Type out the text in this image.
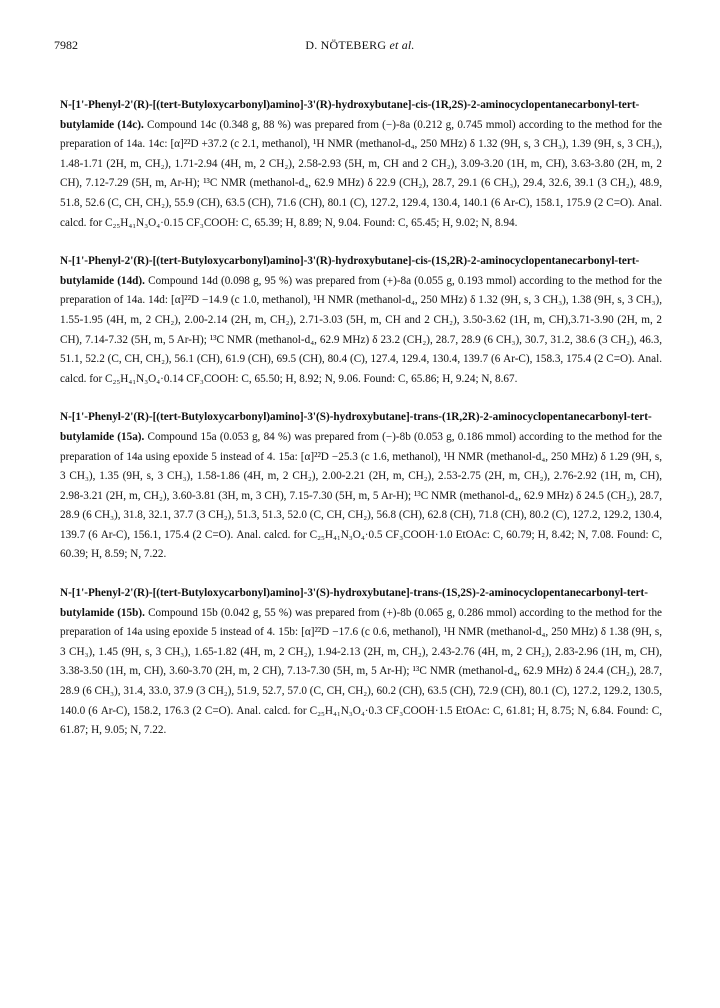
7982	D. NÖTEBERG et al.

N-[1'-Phenyl-2'(R)-[(tert-Butyloxycarbonyl)amino]-3'(R)-hydroxybutane]-cis-(1R,2S)-2-aminocyclopentanecarbonyl-tert-butylamide (14c). Compound 14c (0.348 g, 88 %) was prepared from (−)-8a (0.212 g, 0.745 mmol) according to the method for the preparation of 14a. 14c: [α]²²D +37.2 (c 2.1, methanol), ¹H NMR (methanol-d₄, 250 MHz) δ 1.32 (9H, s, 3 CH₃), 1.39 (9H, s, 3 CH₃), 1.48-1.71 (2H, m, CH₂), 1.71-2.94 (4H, m, 2 CH₂), 2.58-2.93 (5H, m, CH and 2 CH₂), 3.09-3.20 (1H, m, CH), 3.63-3.80 (2H, m, 2 CH), 7.12-7.29 (5H, m, Ar-H); ¹³C NMR (methanol-d₄, 62.9 MHz) δ 22.9 (CH₂), 28.7, 29.1 (6 CH₃), 29.4, 32.6, 39.1 (3 CH₂), 48.9, 51.8, 52.6 (C, CH, CH₂), 55.9 (CH), 63.5 (CH), 71.6 (CH), 80.1 (C), 127.2, 129.4, 130.4, 140.1 (6 Ar-C), 158.1, 175.9 (2 C=O). Anal. calcd. for C₂₅H₄₁N₃O₄·0.15 CF₃COOH: C, 65.39; H, 8.89; N, 9.04. Found: C, 65.45; H, 9.02; N, 8.94.

N-[1'-Phenyl-2'(R)-[(tert-Butyloxycarbonyl)amino]-3'(R)-hydroxybutane]-cis-(1S,2R)-2-aminocyclopentanecarbonyl-tert-butylamide (14d). Compound 14d (0.098 g, 95 %) was prepared from (+)-8a (0.055 g, 0.193 mmol) according to the method for the preparation of 14a. 14d: [α]²²D −14.9 (c 1.0, methanol), ¹H NMR (methanol-d₄, 250 MHz) δ 1.32 (9H, s, 3 CH₃), 1.38 (9H, s, 3 CH₃), 1.55-1.95 (4H, m, 2 CH₂), 2.00-2.14 (2H, m, CH₂), 2.71-3.03 (5H, m, CH and 2 CH₂), 3.50-3.62 (1H, m, CH),3.71-3.90 (2H, m, 2 CH), 7.14-7.32 (5H, m, 5 Ar-H); ¹³C NMR (methanol-d₄, 62.9 MHz) δ 23.2 (CH₂), 28.7, 28.9 (6 CH₃), 30.7, 31.2, 38.6 (3 CH₂), 46.3, 51.1, 52.2 (C, CH, CH₂), 56.1 (CH), 61.9 (CH), 69.5 (CH), 80.4 (C), 127.4, 129.4, 130.4, 139.7 (6 Ar-C), 158.3, 175.4 (2 C=O). Anal. calcd. for C₂₅H₄₁N₃O₄·0.14 CF₃COOH: C, 65.50; H, 8.92; N, 9.06. Found: C, 65.86; H, 9.24; N, 8.67.

N-[1'-Phenyl-2'(R)-[(tert-Butyloxycarbonyl)amino]-3'(S)-hydroxybutane]-trans-(1R,2R)-2-aminocyclopentanecarbonyl-tert-butylamide (15a). Compound 15a (0.053 g, 84 %) was prepared from (−)-8b (0.053 g, 0.186 mmol) according to the method for the preparation of 14a using epoxide 5 instead of 4. 15a: [α]²²D −25.3 (c 1.6, methanol), ¹H NMR (methanol-d₄, 250 MHz) δ 1.29 (9H, s, 3 CH₃), 1.35 (9H, s, 3 CH₃), 1.58-1.86 (4H, m, 2 CH₂), 2.00-2.21 (2H, m, CH₂), 2.53-2.75 (2H, m, CH₂), 2.76-2.92 (1H, m, CH), 2.98-3.21 (2H, m, CH₂), 3.60-3.81 (3H, m, 3 CH), 7.15-7.30 (5H, m, 5 Ar-H); ¹³C NMR (methanol-d₄, 62.9 MHz) δ 24.5 (CH₂), 28.7, 28.9 (6 CH₃), 31.8, 32.1, 37.7 (3 CH₂), 51.3, 51.3, 52.0 (C, CH, CH₂), 56.8 (CH), 62.8 (CH), 71.8 (CH), 80.2 (C), 127.2, 129.2, 130.4, 139.7 (6 Ar-C), 156.1, 175.4 (2 C=O). Anal. calcd. for C₂₅H₄₁N₃O₄·0.5 CF₃COOH·1.0 EtOAc: C, 60.79; H, 8.42; N, 7.08. Found: C, 60.39; H, 8.59; N, 7.22.

N-[1'-Phenyl-2'(R)-[(tert-Butyloxycarbonyl)amino]-3'(S)-hydroxybutane]-trans-(1S,2S)-2-aminocyclopentanecarbonyl-tert-butylamide (15b). Compound 15b (0.042 g, 55 %) was prepared from (+)-8b (0.065 g, 0.286 mmol) according to the method for the preparation of 14a using epoxide 5 instead of 4. 15b: [α]²²D −17.6 (c 0.6, methanol), ¹H NMR (methanol-d₄, 250 MHz) δ 1.38 (9H, s, 3 CH₃), 1.45 (9H, s, 3 CH₃), 1.65-1.82 (4H, m, 2 CH₂), 1.94-2.13 (2H, m, CH₂), 2.43-2.76 (4H, m, 2 CH₂), 2.83-2.96 (1H, m, CH), 3.38-3.50 (1H, m, CH), 3.60-3.70 (2H, m, 2 CH), 7.13-7.30 (5H, m, 5 Ar-H); ¹³C NMR (methanol-d₄, 62.9 MHz) δ 24.4 (CH₂), 28.7, 28.9 (6 CH₃), 31.4, 33.0, 37.9 (3 CH₂), 51.9, 52.7, 57.0 (C, CH, CH₂), 60.2 (CH), 63.5 (CH), 72.9 (CH), 80.1 (C), 127.2, 129.2, 130.5, 140.0 (6 Ar-C), 158.2, 176.3 (2 C=O). Anal. calcd. for C₂₅H₄₁N₃O₄·0.3 CF₃COOH·1.5 EtOAc: C, 61.81; H, 8.75; N, 6.84. Found: C, 61.87; H, 9.05; N, 7.22.
